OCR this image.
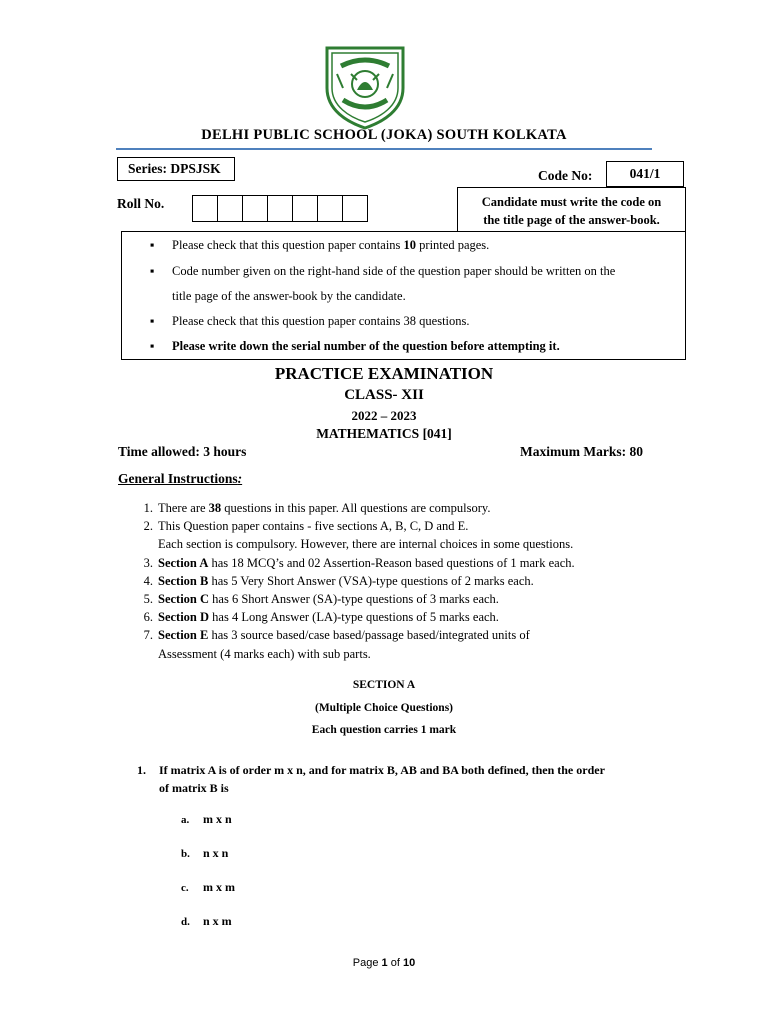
DELHI PUBLIC SCHOOL (JOKA) SOUTH KOLKATA
Series: DPSJSK	Code No:	041/1
Roll No.	Candidate must write the code on
the title page of the answer-book.
▪ Please check that this question paper contains 10 printed pages.
▪ Code number given on the right-hand side of the question paper should be written on the
title page of the answer-book by the candidate.
▪ Please check that this question paper contains 38 questions.
▪ Please write down the serial number of the question before attempting it.
PRACTICE EXAMINATION
CLASS- XII
2022 – 2023
MATHEMATICS [041]
Time allowed: 3 hours	Maximum Marks: 80
General Instructions:
1. There are 38 questions in this paper. All questions are compulsory.
2. This Question paper contains - five sections A, B, C, D and E.
Each section is compulsory. However, there are internal choices in some questions.
3. Section A has 18 MCQ’s and 02 Assertion-Reason based questions of 1 mark each.
4. Section B has 5 Very Short Answer (VSA)-type questions of 2 marks each.
5. Section C has 6 Short Answer (SA)-type questions of 3 marks each.
6. Section D has 4 Long Answer (LA)-type questions of 5 marks each.
7. Section E has 3 source based/case based/passage based/integrated units of
Assessment (4 marks each) with sub parts.
SECTION A
(Multiple Choice Questions)
Each question carries 1 mark
1. If matrix A is of order m x n, and for matrix B, AB and BA both defined, then the order
of matrix B is
a. m x n
b. n x n
c. m x m
d. n x m
Page 1 of 10
